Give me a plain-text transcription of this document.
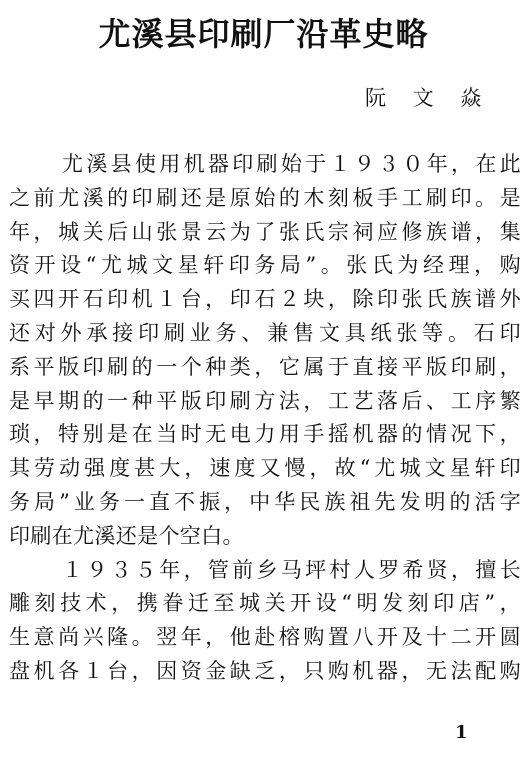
尤溪县印刷厂沿革史略
阮 文 焱
尤溪县使用机器印刷始于１９３０年，在此
之前尤溪的印刷还是原始的木刻板手工刷印。是
年，城关后山张景云为了张氏宗祠应修族谱，集
资开设“尤城文星轩印务局”。张氏为经理，购
买四开石印机１台，印石２块，除印张氏族谱外
还对外承接印刷业务、兼售文具纸张等。石印
系平版印刷的一个种类，它属于直接平版印刷，
是早期的一种平版印刷方法，工艺落后、工序繁
琐，特别是在当时无电力用手摇机器的情况下，
其劳动强度甚大，速度又慢，故“尤城文星轩印
务局”业务一直不振，中华民族祖先发明的活字
印刷在尤溪还是个空白。
１９３５年，管前乡马坪村人罗希贤，擅长
雕刻技术，携眷迁至城关开设“明发刻印店”，
生意尚兴隆。翌年，他赴榕购置八开及十二开圆
盘机各１台，因资金缺乏，只购机器，无法配购
1
